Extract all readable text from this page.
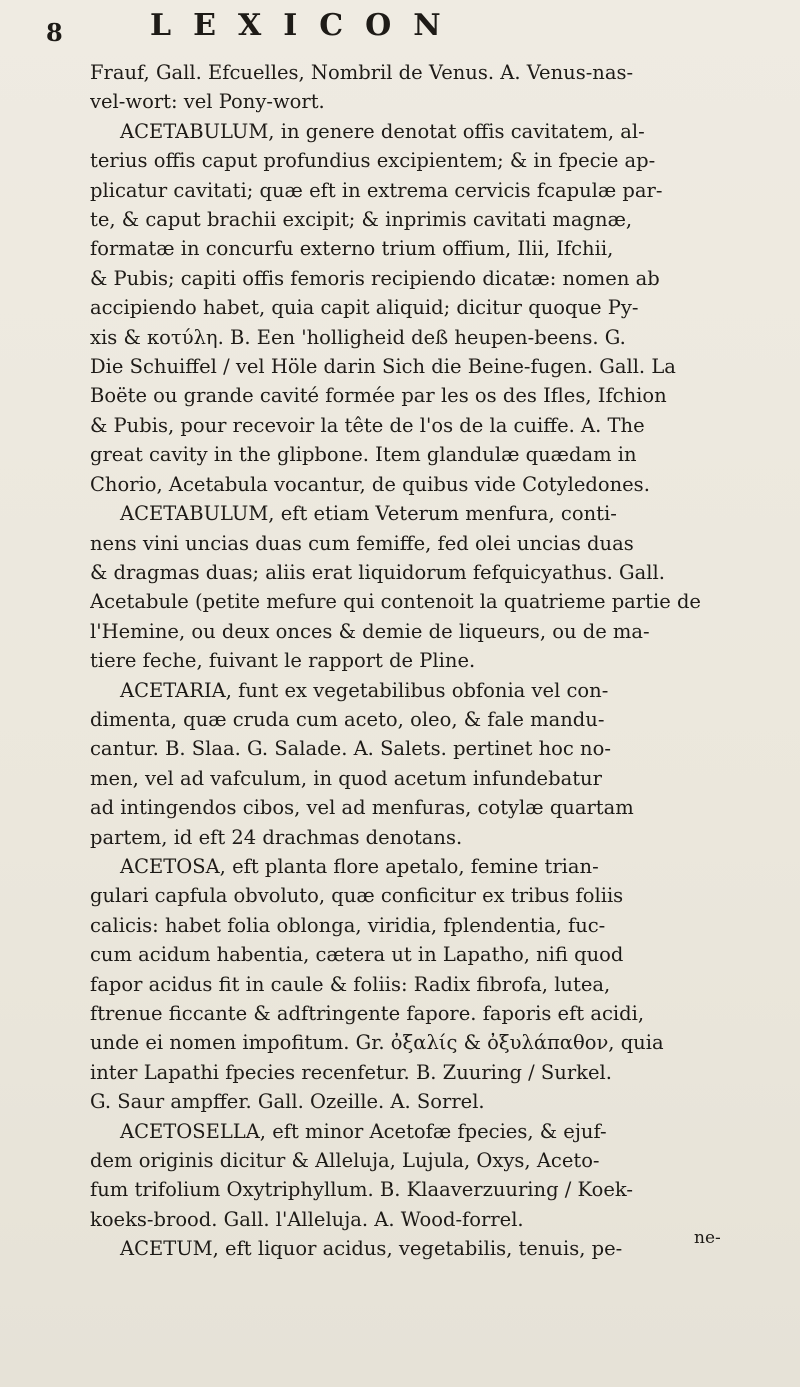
8	LEXICON
Frauf, Gall. Efcuelles, Nombril de Venus. A. Venus-nas-
vel-wort: vel Pony-wort.
ACETABULUM, in genere denotat offis cavitatem, al-
terius offis caput profundius excipientem; & in fpecie ap-
plicatur cavitati; quæ eft in extrema cervicis fcapulæ par-
te, & caput brachii excipit; & inprimis cavitati magnæ,
formatæ in concurfu externo trium offium, Ilii, Ifchii,
& Pubis; capiti offis femoris recipiendo dicatæ: nomen ab
accipiendo habet, quia capit aliquid; dicitur quoque Py-
xis & κοτύλη. B. Een 'holligheid deß heupen-beens. G.
Die Schuiffel / vel Höle darin Sich die Beine-fugen. Gall. La
Boëte ou grande cavité formée par les os des Ifles, Ifchion
& Pubis, pour recevoir la tête de l'os de la cuiffe. A. The
great cavity in the glipbone. Item glandulæ quædam in
Chorio, Acetabula vocantur, de quibus vide Cotyledones.
ACETABULUM, eft etiam Veterum menfura, conti-
nens vini uncias duas cum femiffe, fed olei uncias duas
& dragmas duas; aliis erat liquidorum fefquicyathus. Gall.
Acetabule (petite mefure qui contenoit la quatrieme partie de
l'Hemine, ou deux onces & demie de liqueurs, ou de ma-
tiere feche, fuivant le rapport de Pline.
ACETARIA, funt ex vegetabilibus obfonia vel con-
dimenta, quæ cruda cum aceto, oleo, & fale mandu-
cantur. B. Slaa. G. Salade. A. Salets. pertinet hoc no-
men, vel ad vafculum, in quod acetum infundebatur
ad intingendos cibos, vel ad menfuras, cotylæ quartam
partem, id eft 24 drachmas denotans.
ACETOSA, eft planta flore apetalo, femine trian-
gulari capfula obvoluto, quæ conficitur ex tribus foliis
calicis: habet folia oblonga, viridia, fplendentia, fuc-
cum acidum habentia, cætera ut in Lapatho, nifi quod
fapor acidus fit in caule & foliis: Radix fibrofa, lutea,
ftrenue ficcante & adftringente fapore. faporis eft acidi,
unde ei nomen impofitum. Gr. ὀξαλίς & ὀξυλάπαθον, quia
inter Lapathi fpecies recenfetur. B. Zuuring / Surkel.
G. Saur ampffer. Gall. Ozeille. A. Sorrel.
ACETOSELLA, eft minor Acetofæ fpecies, & ejuf-
dem originis dicitur & Alleluja, Lujula, Oxys, Aceto-
fum trifolium Oxytriphyllum. B. Klaaverzuuring / Koek-
koeks-brood. Gall. l'Alleluja. A. Wood-forrel.
ACETUM, eft liquor acidus, vegetabilis, tenuis, pe-	ne-
